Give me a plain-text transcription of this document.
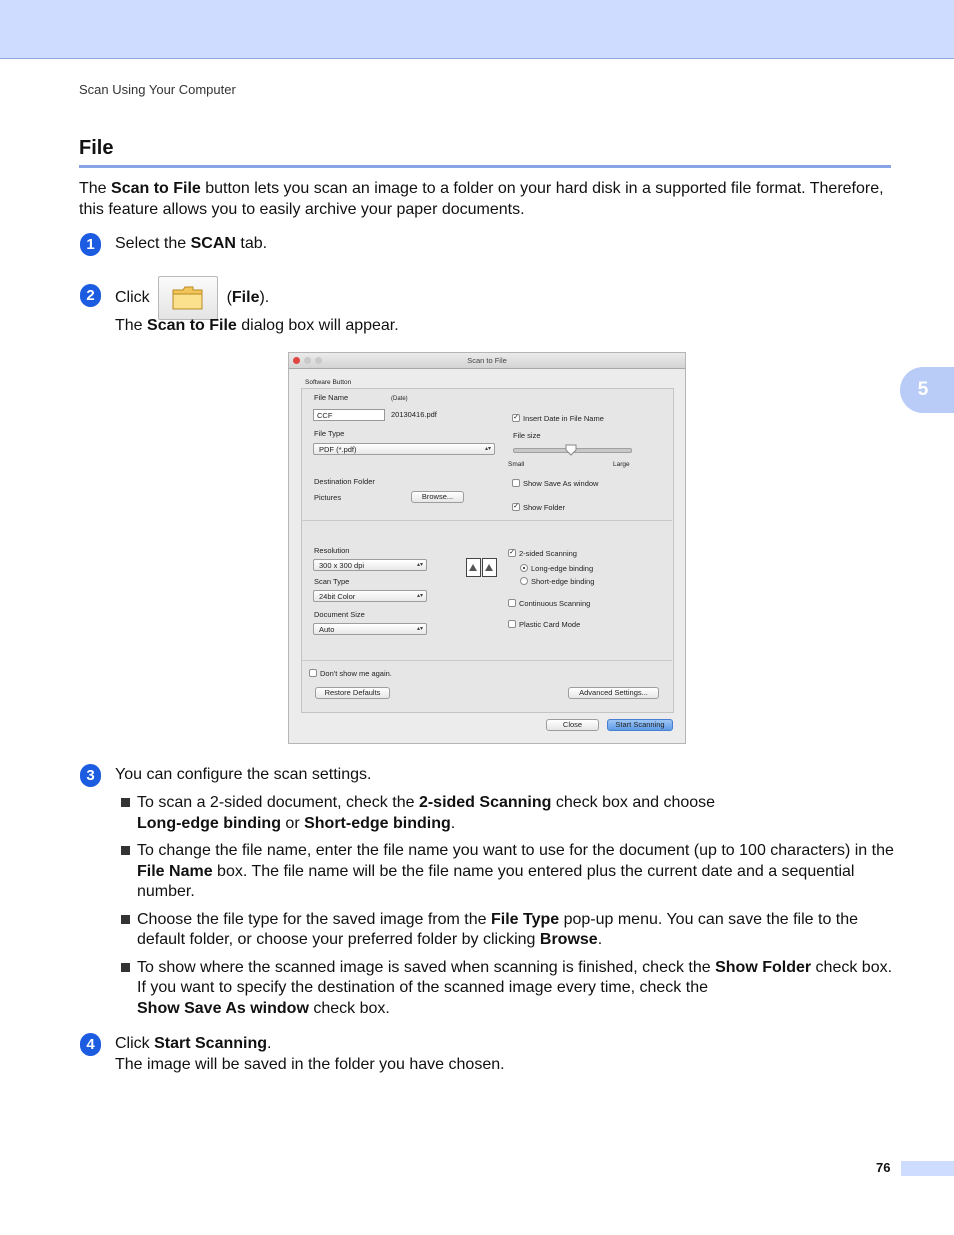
Scan Using Your Computer
File
5

The Scan to File button lets you scan an image to a folder on your hard disk in a supported file format. Therefore, this feature allows you to easily archive your paper documents.

1	Select the SCAN tab.

2	Click	(File).

The Scan to File dialog box will appear.

Scan to File
Software Button
File Name	(Date)
CCF	20130416.pdf
File Type
PDF (*.pdf)	▴▾
Destination Folder
Pictures	Browse...
✓ Insert Date in File Name
File size
Small	Large
Show Save As window
✓ Show Folder
Resolution
300 x 300 dpi	▴▾
Scan Type
24bit Color	▴▾
Document Size
Auto	▴▾
✓ 2-sided Scanning
Long-edge binding
Short-edge binding
Continuous Scanning
Plastic Card Mode
Don't show me again.
Restore Defaults	Advanced Settings...
Close	Start Scanning
3	You can configure the scan settings.

To scan a 2-sided document, check the 2-sided Scanning check box and choose
Long-edge binding or Short-edge binding.
To change the file name, enter the file name you want to use for the document (up to 100 characters) in the File Name box. The file name will be the file name you entered plus the current date and a sequential number.
Choose the file type for the saved image from the File Type pop-up menu. You can save the file to the default folder, or choose your preferred folder by clicking Browse.
To show where the scanned image is saved when scanning is finished, check the Show Folder check box. If you want to specify the destination of the scanned image every time, check the
Show Save As window check box.
4	Click Start Scanning.

The image will be saved in the folder you have chosen.

76
